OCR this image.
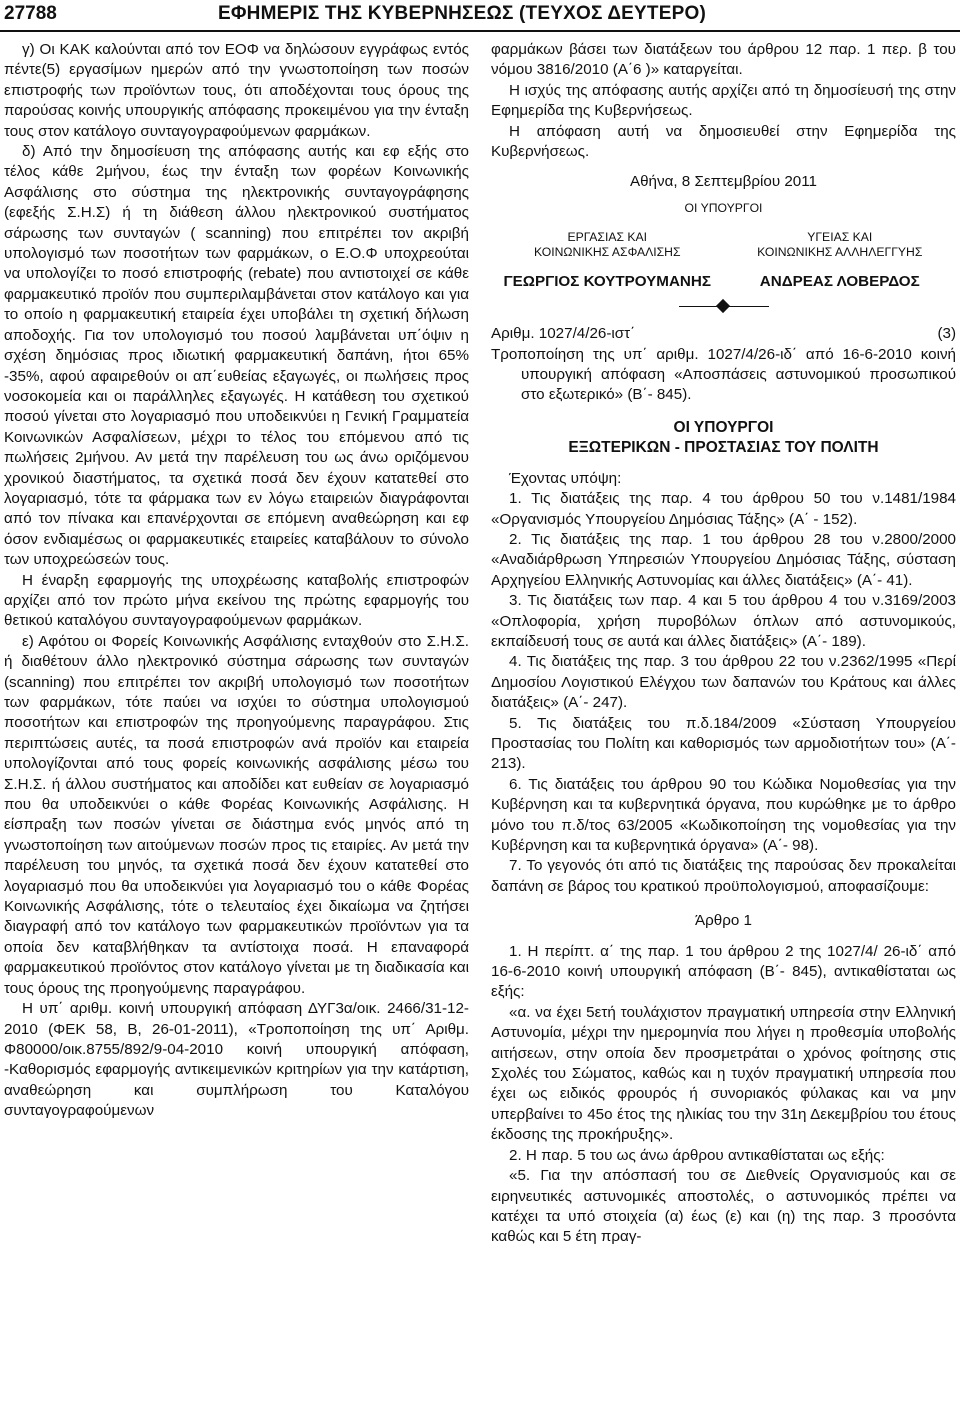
27788	ΕΦΗΜΕΡΙΣ ΤΗΣ ΚΥΒΕΡΝΗΣΕΩΣ (ΤΕΥΧΟΣ ΔΕΥΤΕΡΟ)

γ) Οι ΚΑΚ καλούνται από τον ΕΟΦ να δηλώσουν εγγράφως εντός πέντε(5) εργασίμων ημερών από την γνωστοποίηση των ποσών επιστροφής των προϊόντων τους, ότι αποδέχονται τους όρους της παρούσας κοινής υπουργικής απόφασης προκειμένου για την ένταξη τους στον κατάλογο συνταγογραφούμενων φαρμάκων.

δ) Από την δημοσίευση της απόφασης αυτής και εφ εξής στο τέλος κάθε 2μήνου, έως την ένταξη των φορέων Κοινωνικής Ασφάλισης στο σύστημα της ηλεκτρονικής συνταγογράφησης (εφεξής Σ.Η.Σ) ή τη διάθεση άλλου ηλεκτρονικού συστήματος σάρωσης των συνταγών ( scanning) που επιτρέπει τον ακριβή υπολογισμό των ποσοτήτων των φαρμάκων, ο Ε.Ο.Φ υποχρεούται να υπολογίζει το ποσό επιστροφής (rebate) που αντιστοιχεί σε κάθε φαρμακευτικό προϊόν που συμπεριλαμβάνεται στον κατάλογο και για το οποίο η φαρμακευτική εταιρεία έχει υποβάλει τη σχετική δήλωση αποδοχής. Για τον υπολογισμό του ποσού λαμβάνεται υπ΄όψιν η σχέση δημόσιας προς ιδιωτική φαρμακευτική δαπάνη, ήτοι 65% -35%, αφού αφαιρεθούν οι απ΄ευθείας εξαγωγές, οι πωλήσεις προς νοσοκομεία και οι παράλληλες εξαγωγές. Η κατάθεση του σχετικού ποσού γίνεται στο λογαριασμό που υποδεικνύει η Γενική Γραμματεία Κοινωνικών Ασφαλίσεων, μέχρι το τέλος του επόμενου από τις πωλήσεις 2μήνου. Αν μετά την παρέλευση του ως άνω οριζόμενου χρονικού διαστήματος, τα σχετικά ποσά δεν έχουν κατατεθεί στο λογαριασμό, τότε τα φάρμακα των εν λόγω εταιρειών διαγράφονται από τον πίνακα και επανέρχονται σε επόμενη αναθεώρηση και εφ όσον ενδιαμέσως οι φαρμακευτικές εταιρείες καταβάλουν το σύνολο των υποχρεώσεών τους.

Η έναρξη εφαρμογής της υποχρέωσης καταβολής επιστροφών αρχίζει από τον πρώτο μήνα εκείνου της πρώτης εφαρμογής του θετικού καταλόγου συνταγογραφούμενων φαρμάκων.

ε) Αφότου οι Φορείς Κοινωνικής Ασφάλισης ενταχθούν στο Σ.Η.Σ. ή διαθέτουν άλλο ηλεκτρονικό σύστημα σάρωσης των συνταγών (scanning) που επιτρέπει τον ακριβή υπολογισμό των ποσοτήτων των φαρμάκων, τότε παύει να ισχύει το σύστημα υπολογισμού ποσοτήτων και επιστροφών της προηγούμενης παραγράφου. Στις περιπτώσεις αυτές, τα ποσά επιστροφών ανά προϊόν και εταιρεία υπολογίζονται από τους φορείς κοινωνικής ασφάλισης μέσω του Σ.Η.Σ. ή άλλου συστήματος και αποδίδει κατ ευθείαν σε λογαριασμό που θα υποδεικνύει ο κάθε Φορέας Κοινωνικής Ασφάλισης. Η είσπραξη των ποσών γίνεται σε διάστημα ενός μηνός από τη γνωστοποίηση των αιτούμενων ποσών προς τις εταιρίες. Αν μετά την παρέλευση του μηνός, τα σχετικά ποσά δεν έχουν κατατεθεί στο λογαριασμό που θα υποδεικνύει για λογαριασμό του ο κάθε Φορέας Κοινωνικής Ασφάλισης, τότε ο τελευταίος έχει δικαίωμα να ζητήσει διαγραφή από τον κατάλογο των φαρμακευτικών προϊόντων για τα οποία δεν καταβλήθηκαν τα αντίστοιχα ποσά. Η επαναφορά φαρμακευτικού προϊόντος στον κατάλογο γίνεται με τη διαδικασία και τους όρους της προηγούμενης παραγράφου.

Η υπ΄ αριθμ. κοινή υπουργική απόφαση ΔΥΓ3α/οικ. 2466/31-12-2010 (ΦΕΚ 58, Β, 26-01-2011), «Τροποποίηση της υπ΄ Αριθμ. Φ80000/οικ.8755/892/9-04-2010 κοινή υπουργική απόφαση, -Καθορισμός εφαρμογής αντικειμενικών κριτηρίων για την κατάρτιση, αναθεώρηση και συμπλήρωση του Καταλόγου συνταγογραφούμενων

φαρμάκων βάσει των διατάξεων του άρθρου 12 παρ. 1 περ. β του νόμου 3816/2010 (Α΄6 )» καταργείται.

Η ισχύς της απόφασης αυτής αρχίζει από τη δημοσίευσή της στην Εφημερίδα της Κυβερνήσεως.

Η απόφαση αυτή να δημοσιευθεί στην Εφημερίδα της Κυβερνήσεως.

Αθήνα, 8 Σεπτεμβρίου 2011
ΟΙ ΥΠΟΥΡΓΟΙ
ΕΡΓΑΣΙΑΣ ΚΑΙ
ΚΟΙΝΩΝΙΚΗΣ ΑΣΦΑΛΙΣΗΣ
ΥΓΕΙΑΣ ΚΑΙ
ΚΟΙΝΩΝΙΚΗΣ ΑΛΛΗΛΕΓΓΥΗΣ
ΓΕΩΡΓΙΟΣ ΚΟΥΤΡΟΥΜΑΝΗΣ	ΑΝΔΡΕΑΣ ΛΟΒΕΡΔΟΣ
Αριθμ. 1027/4/26-ιστ΄	(3)

Τροποποίηση της υπ΄ αριθμ. 1027/4/26-ιδ΄ από 16-6-2010 κοινή υπουργική απόφαση «Αποσπάσεις αστυνομικού προσωπικού στο εξωτερικό» (Β΄- 845).

ΟΙ ΥΠΟΥΡΓΟΙ
ΕΞΩΤΕΡΙΚΩΝ - ΠΡΟΣΤΑΣΙΑΣ ΤΟΥ ΠΟΛΙΤΗ

Έχοντας υπόψη:

1. Τις διατάξεις της παρ. 4 του άρθρου 50 του ν.1481/1984 «Οργανισμός Υπουργείου Δημόσιας Τάξης» (Α΄ - 152).

2. Τις διατάξεις της παρ. 1 του άρθρου 28 του ν.2800/2000 «Αναδιάρθρωση Υπηρεσιών Υπουργείου Δημόσιας Τάξης, σύσταση Αρχηγείου Ελληνικής Αστυνομίας και άλλες διατάξεις» (Α΄- 41).

3. Τις διατάξεις των παρ. 4 και 5 του άρθρου 4 του ν.3169/2003 «Οπλοφορία, χρήση πυροβόλων όπλων από αστυνομικούς, εκπαίδευσή τους σε αυτά και άλλες διατάξεις» (Α΄- 189).

4. Τις διατάξεις της παρ. 3 του άρθρου 22 του ν.2362/1995 «Περί Δημοσίου Λογιστικού Ελέγχου των δαπανών του Κράτους και άλλες διατάξεις» (Α΄- 247).

5. Τις διατάξεις του π.δ.184/2009 «Σύσταση Υπουργείου Προστασίας του Πολίτη και καθορισμός των αρμοδιοτήτων του» (Α΄- 213).

6. Τις διατάξεις του άρθρου 90 του Κώδικα Νομοθεσίας για την Κυβέρνηση και τα κυβερνητικά όργανα, που κυρώθηκε με το άρθρο μόνο του π.δ/τος 63/2005 «Κωδικοποίηση της νομοθεσίας για την Κυβέρνηση και τα κυβερνητικά όργανα» (Α΄- 98).

7. Το γεγονός ότι από τις διατάξεις της παρούσας δεν προκαλείται δαπάνη σε βάρος του κρατικού προϋπολογισμού, αποφασίζουμε:

Άρθρο 1

1. Η περίπτ. α΄ της παρ. 1 του άρθρου 2 της 1027/4/ 26-ιδ΄ από 16-6-2010 κοινή υπουργική απόφαση (Β΄- 845), αντικαθίσταται ως εξής:

«α. να έχει 5ετή τουλάχιστον πραγματική υπηρεσία στην Ελληνική Αστυνομία, μέχρι την ημερομηνία που λήγει η προθεσμία υποβολής αιτήσεων, στην οποία δεν προσμετράται ο χρόνος φοίτησης στις Σχολές του Σώματος, καθώς και η τυχόν πραγματική υπηρεσία που έχει ως ειδικός φρουρός ή συνοριακός φύλακας και να μην υπερβαίνει το 45ο έτος της ηλικίας του την 31η Δεκεμβρίου του έτους έκδοσης της προκήρυξης».

2. Η παρ. 5 του ως άνω άρθρου αντικαθίσταται ως εξής:

«5. Για την απόσπασή του σε Διεθνείς Οργανισμούς και σε ειρηνευτικές αστυνομικές αποστολές, ο αστυνομικός πρέπει να κατέχει τα υπό στοιχεία (α) έως (ε) και (η) της παρ. 3 προσόντα καθώς και 5 έτη πραγ-
